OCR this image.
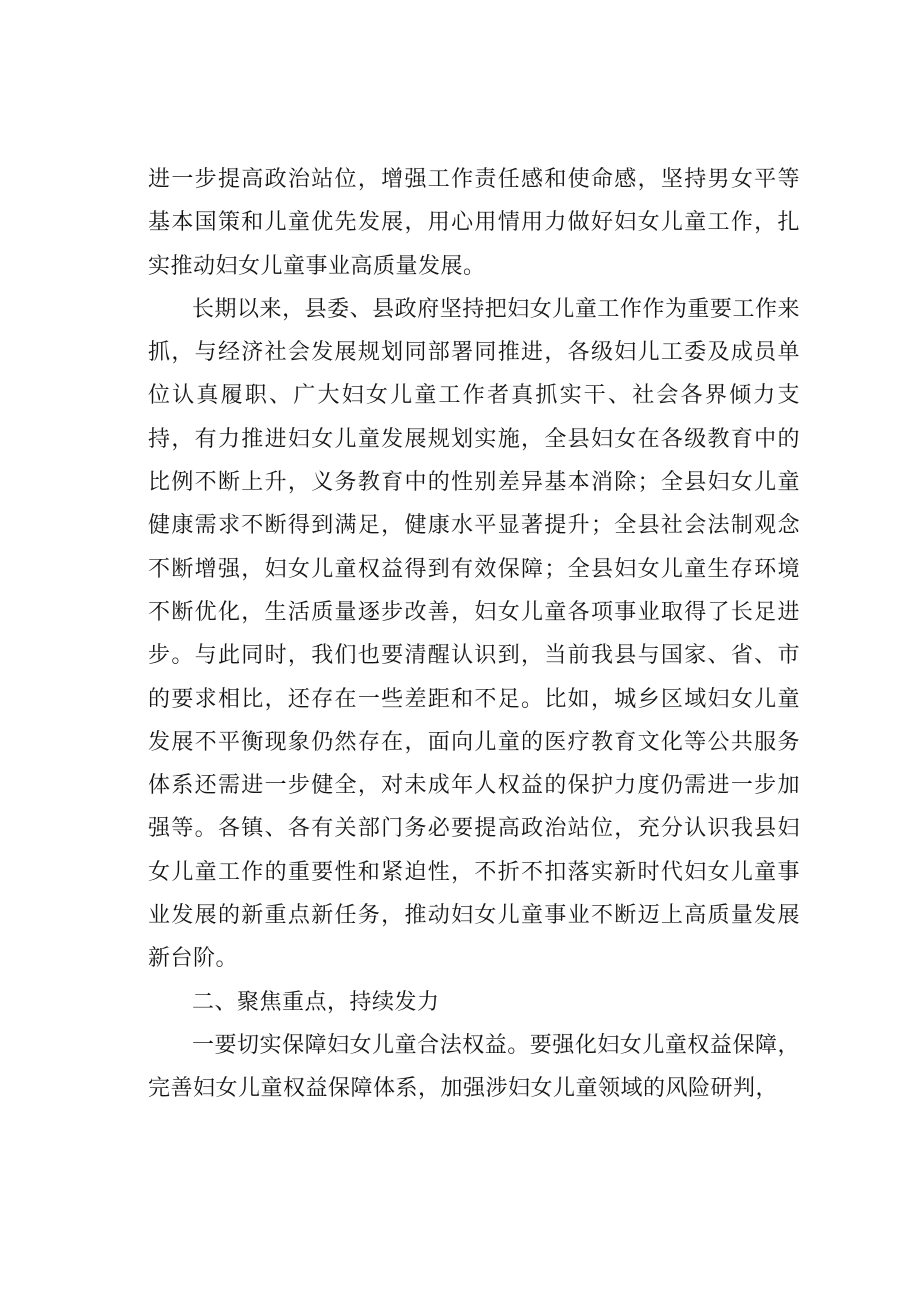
进一步提高政治站位，增强工作责任感和使命感，坚持男女平等基本国策和儿童优先发展，用心用情用力做好妇女儿童工作，扎实推动妇女儿童事业高质量发展。

长期以来，县委、县政府坚持把妇女儿童工作作为重要工作来抓，与经济社会发展规划同部署同推进，各级妇儿工委及成员单位认真履职、广大妇女儿童工作者真抓实干、社会各界倾力支持，有力推进妇女儿童发展规划实施，全县妇女在各级教育中的比例不断上升，义务教育中的性别差异基本消除；全县妇女儿童健康需求不断得到满足，健康水平显著提升；全县社会法制观念不断增强，妇女儿童权益得到有效保障；全县妇女儿童生存环境不断优化，生活质量逐步改善，妇女儿童各项事业取得了长足进步。与此同时，我们也要清醒认识到，当前我县与国家、省、市的要求相比，还存在一些差距和不足。比如，城乡区域妇女儿童发展不平衡现象仍然存在，面向儿童的医疗教育文化等公共服务体系还需进一步健全，对未成年人权益的保护力度仍需进一步加强等。各镇、各有关部门务必要提高政治站位，充分认识我县妇女儿童工作的重要性和紧迫性，不折不扣落实新时代妇女儿童事业发展的新重点新任务，推动妇女儿童事业不断迈上高质量发展新台阶。

二、聚焦重点，持续发力

一要切实保障妇女儿童合法权益。要强化妇女儿童权益保障，完善妇女儿童权益保障体系，加强涉妇女儿童领域的风险研判，
